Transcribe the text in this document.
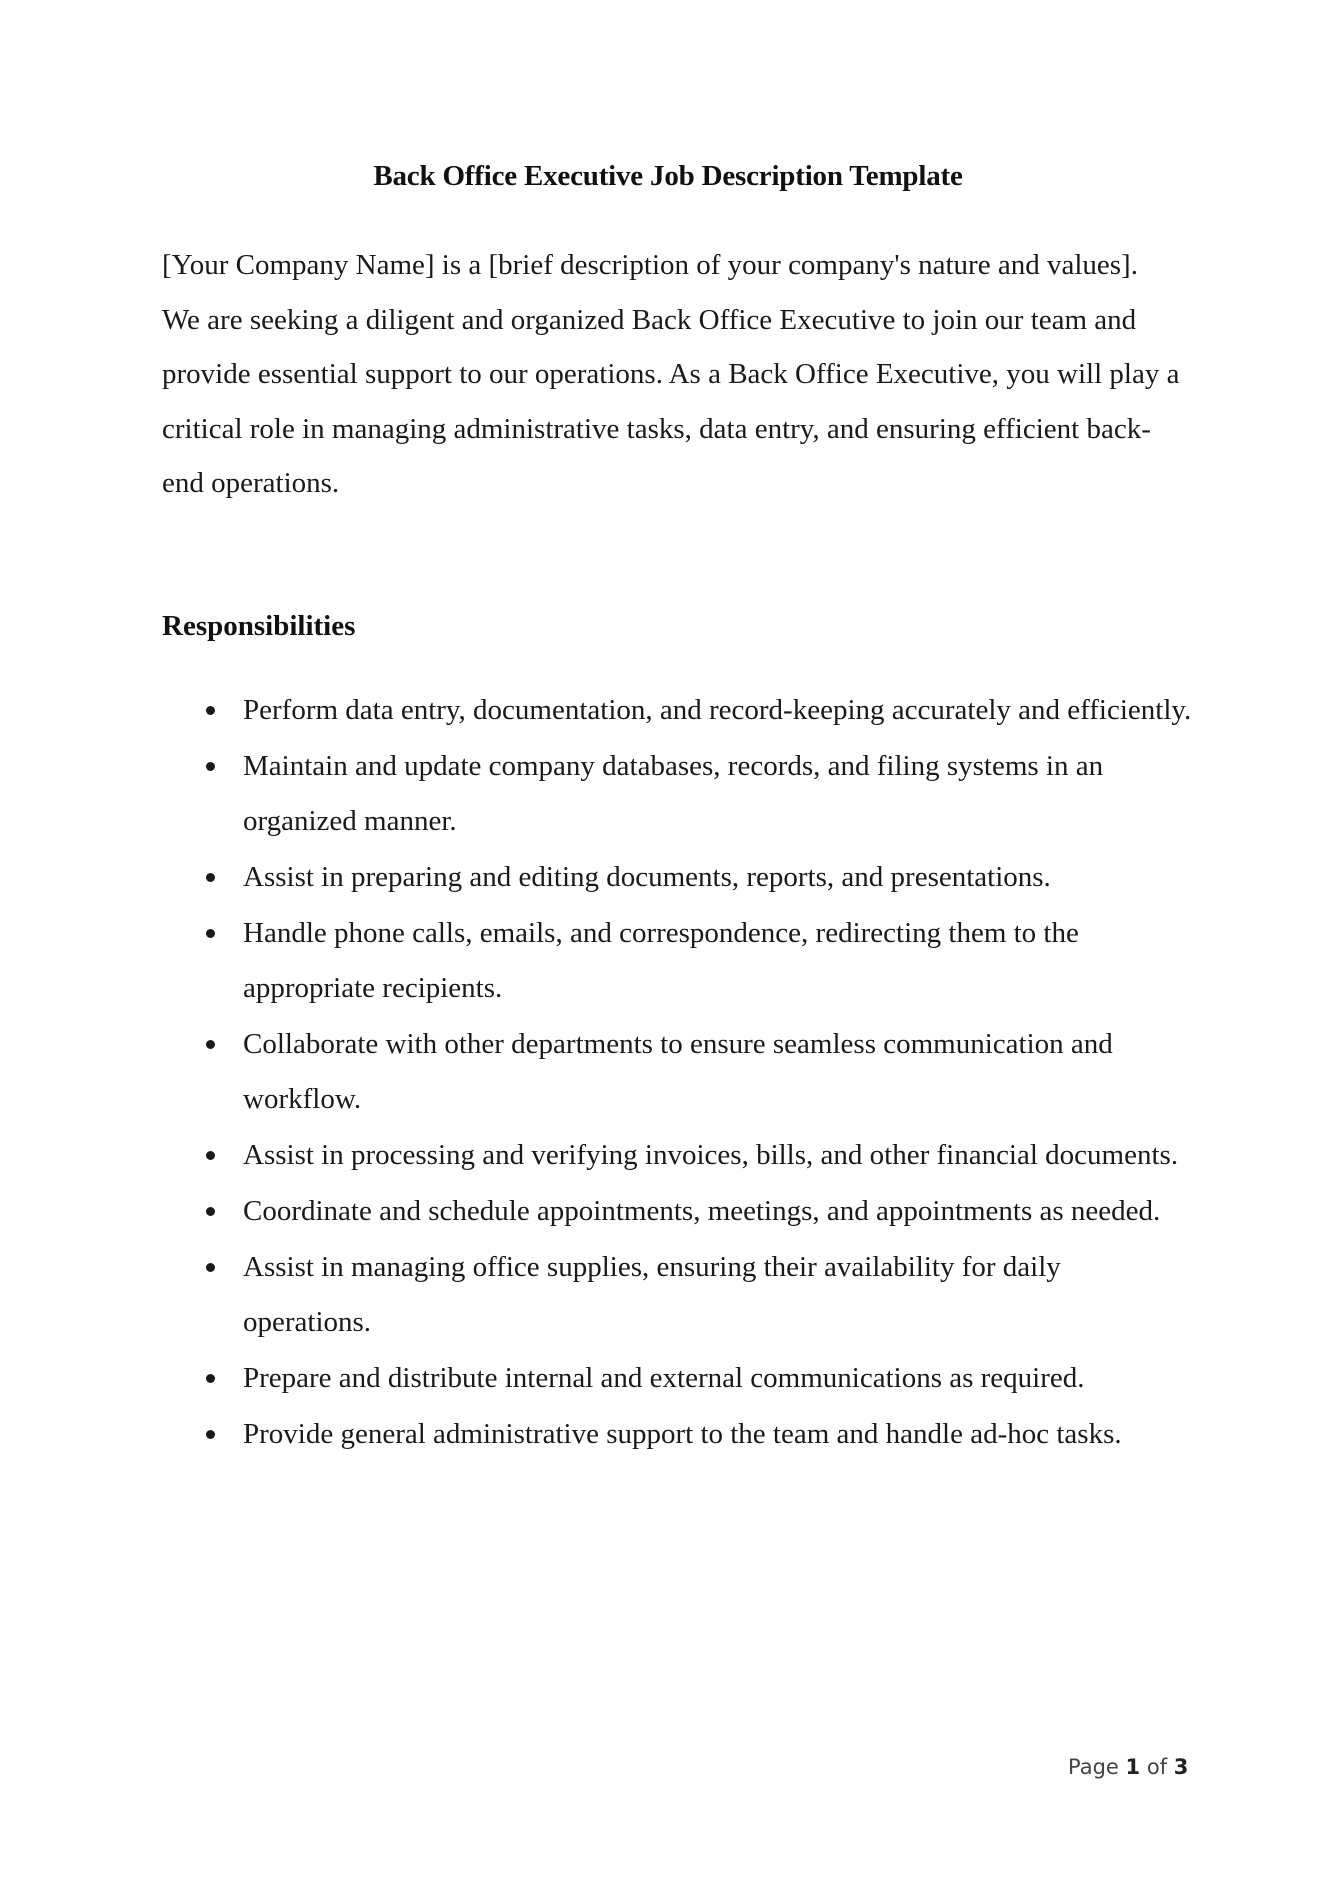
Back Office Executive Job Description Template

[Your Company Name] is a [brief description of your company's nature and values]. We are seeking a diligent and organized Back Office Executive to join our team and provide essential support to our operations. As a Back Office Executive, you will play a critical role in managing administrative tasks, data entry, and ensuring efficient back-end operations.

Responsibilities
Perform data entry, documentation, and record-keeping accurately and efficiently.
Maintain and update company databases, records, and filing systems in an organized manner.
Assist in preparing and editing documents, reports, and presentations.
Handle phone calls, emails, and correspondence, redirecting them to the appropriate recipients.
Collaborate with other departments to ensure seamless communication and workflow.
Assist in processing and verifying invoices, bills, and other financial documents.
Coordinate and schedule appointments, meetings, and appointments as needed.
Assist in managing office supplies, ensuring their availability for daily operations.
Prepare and distribute internal and external communications as required.
Provide general administrative support to the team and handle ad-hoc tasks.
Page 1 of 3
